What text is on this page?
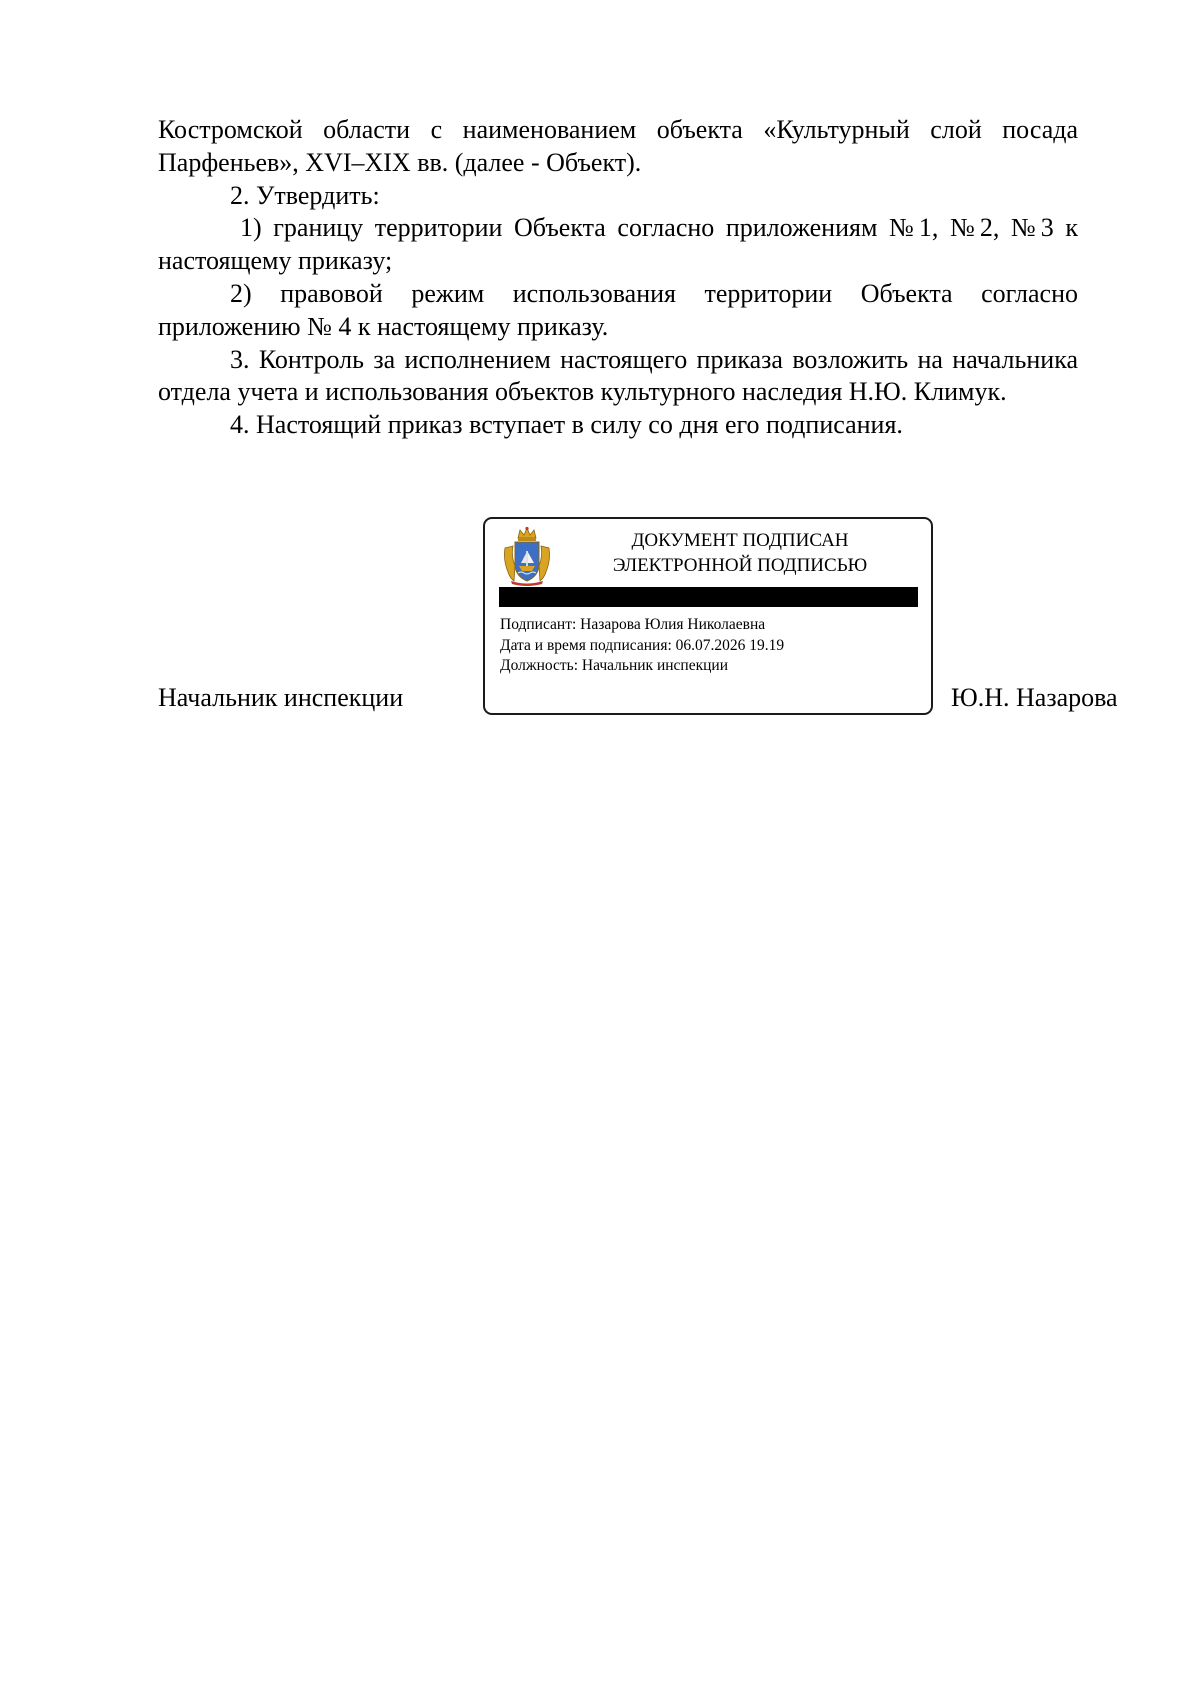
Костромской области с наименованием объекта «Культурный слой посада Парфеньев», XVI–XIX вв. (далее - Объект).

2. Утвердить:

1) границу территории Объекта согласно приложениям №1, №2, №3 к настоящему приказу;

2) правовой режим использования территории Объекта согласно приложению № 4 к настоящему приказу.

3. Контроль за исполнением настоящего приказа возложить на начальника отдела учета и использования объектов культурного наследия Н.Ю. Климук.

4. Настоящий приказ вступает в силу со дня его подписания.

Начальник инспекции
ДОКУМЕНТ ПОДПИСАН
ЭЛЕКТРОННОЙ ПОДПИСЬЮ
Подписант: Назарова Юлия Николаевна
Дата и время подписания: 06.07.2026 19.19
Должность: Начальник инспекции
Ю.Н. Назарова
